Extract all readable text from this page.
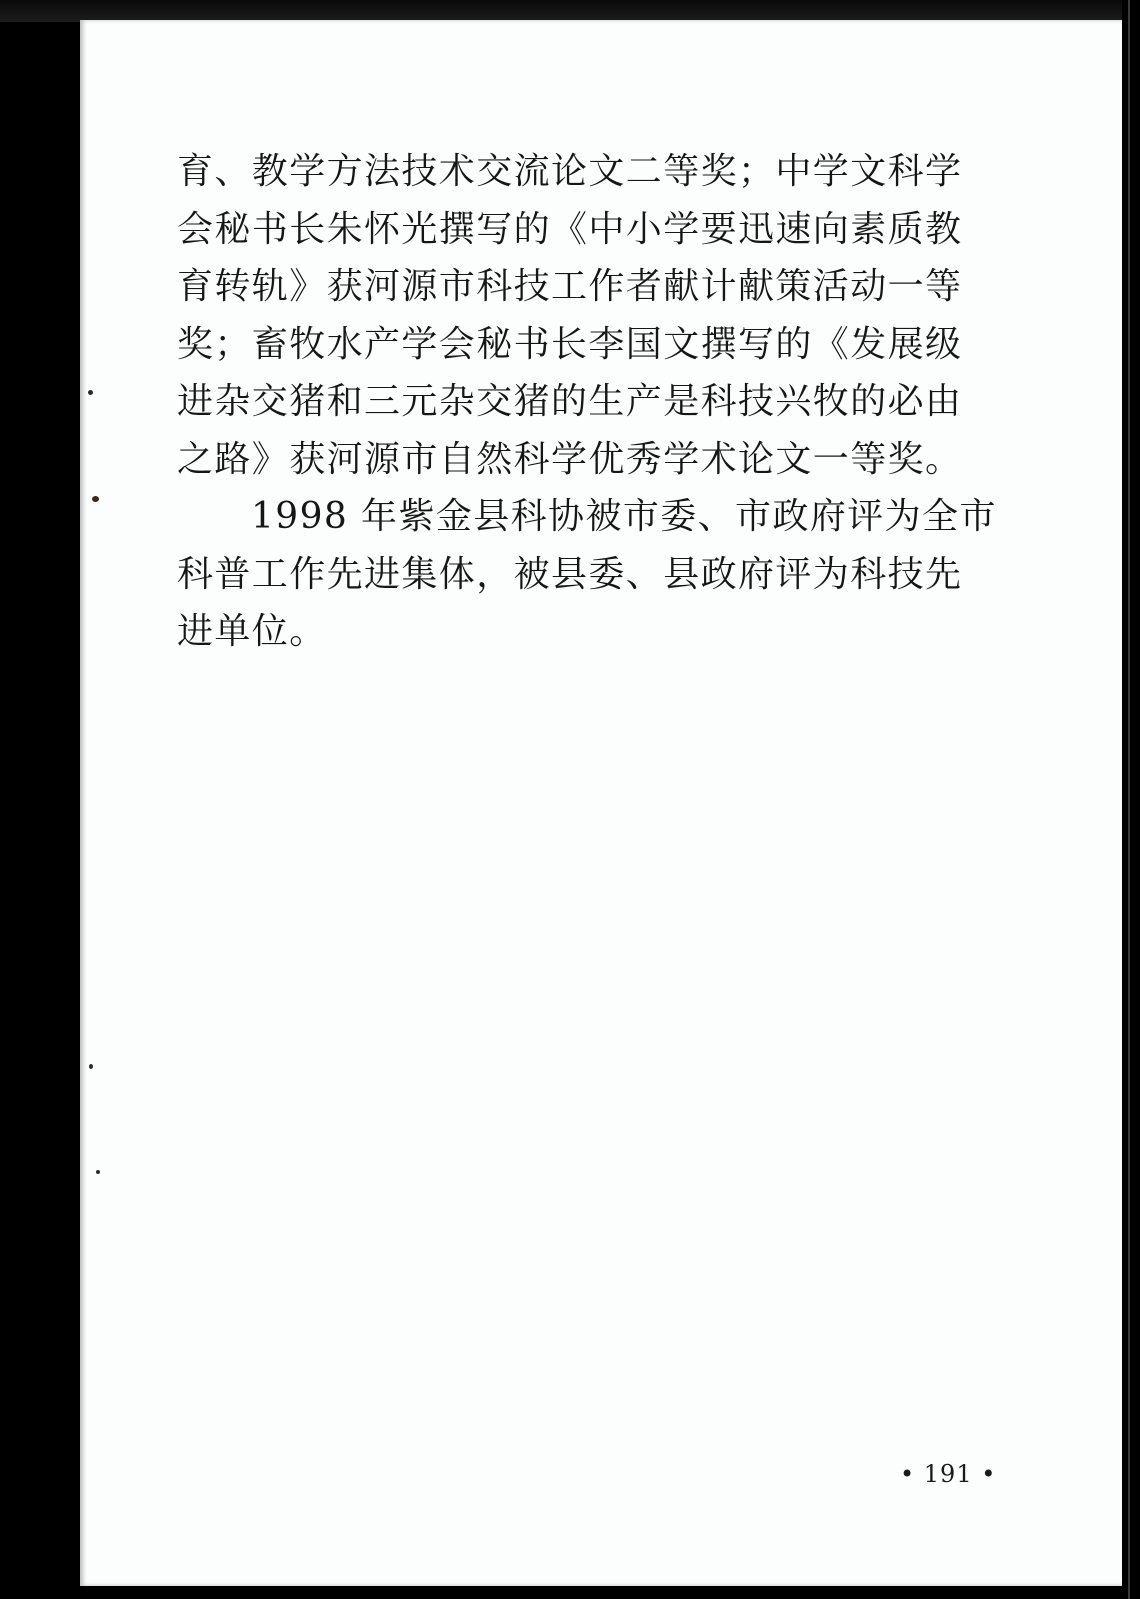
育、教学方法技术交流论文二等奖；中学文科学
会秘书长朱怀光撰写的《中小学要迅速向素质教
育转轨》获河源市科技工作者献计献策活动一等
奖；畜牧水产学会秘书长李国文撰写的《发展级
进杂交猪和三元杂交猪的生产是科技兴牧的必由
之路》获河源市自然科学优秀学术论文一等奖。
1998 年紫金县科协被市委、市政府评为全市
科普工作先进集体，被县委、县政府评为科技先
进单位。
• 191 •
